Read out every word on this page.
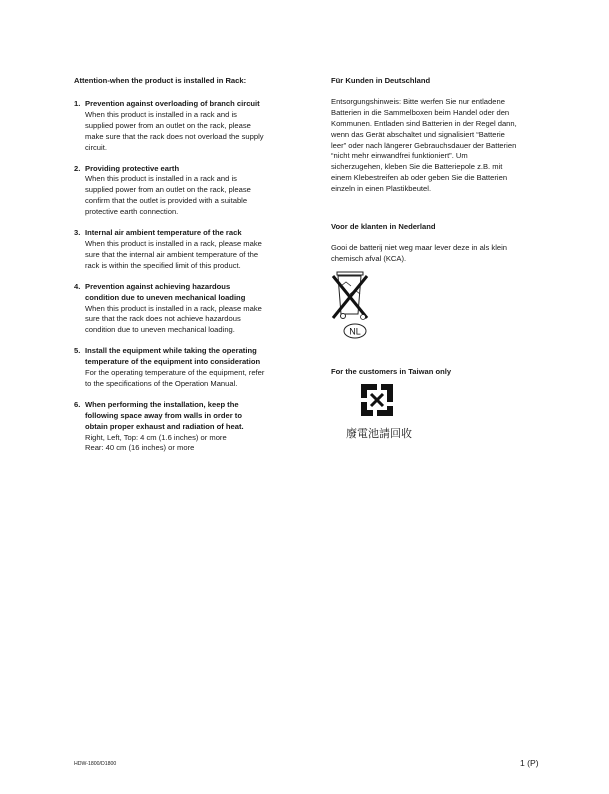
Attention-when the product is installed in Rack:
1. Prevention against overloading of branch circuit
When this product is installed in a rack and is
supplied power from an outlet on the rack, please
make sure that the rack does not overload the supply
circuit.
2. Providing protective earth
When this product is installed in a rack and is
supplied power from an outlet on the rack, please
confirm that the outlet is provided with a suitable
protective earth connection.
3. Internal air ambient temperature of the rack
When this product is installed in a rack, please make
sure that the internal air ambient temperature of the
rack is within the specified limit of this product.
4. Prevention against achieving hazardous
condition due to uneven mechanical loading
When this product is installed in a rack, please make
sure that the rack does not achieve hazardous
condition due to uneven mechanical loading.
5. Install the equipment while taking the operating
temperature of the equipment into consideration
For the operating temperature of the equipment, refer
to the specifications of the Operation Manual.
6. When performing the installation, keep the
following space away from walls in order to
obtain proper exhaust and radiation of heat.
Right, Left, Top: 4 cm (1.6 inches) or more
Rear: 40 cm (16 inches) or more
Für Kunden in Deutschland
Entsorgungshinweis: Bitte werfen Sie nur entladene
Batterien in die Sammelboxen beim Handel oder den
Kommunen. Entladen sind Batterien in der Regel dann,
wenn das Gerät abschaltet und signalisiert “Batterie
leer” oder nach längerer Gebrauchsdauer der Batterien
“nicht mehr einwandfrei funktioniert”. Um
sicherzugehen, kleben Sie die Batteriepole z.B. mit
einem Klebestreifen ab oder geben Sie die Batterien
einzeln in einen Plastikbeutel.
Voor de klanten in Nederland
Gooi de batterij niet weg maar lever deze in als klein
chemisch afval (KCA).
NL
For the customers in Taiwan only
廢電池請回收
HDW-1800/D1800	1 (P)
